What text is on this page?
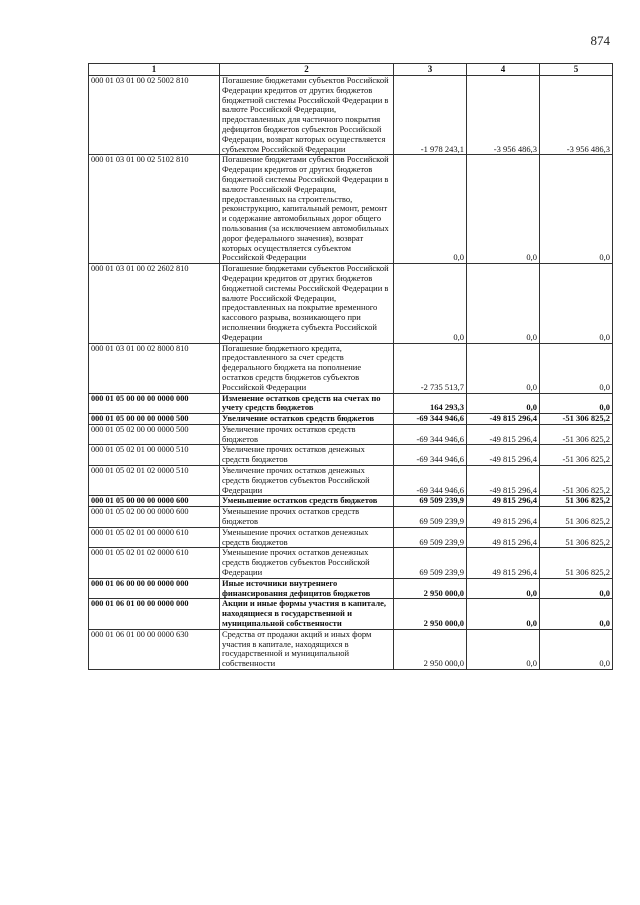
874
1	2	3	4	5
000 01 03 01 00 02 5002 810	Погашение бюджетами субъектов Российской Федерации кредитов от других бюджетов бюджетной системы Российской Федерации в валюте Российской Федерации, предоставленных для частичного покрытия дефицитов бюджетов субъектов Российской Федерации, возврат которых осуществляется субъектом Российской Федерации	-1 978 243,1	-3 956 486,3	-3 956 486,3
000 01 03 01 00 02 5102 810	Погашение бюджетами субъектов Российской Федерации кредитов от других бюджетов бюджетной системы Российской Федерации в валюте Российской Федерации, предоставленных на строительство, реконструкцию, капитальный ремонт, ремонт и содержание автомобильных дорог общего пользования (за исключением автомобильных дорог федерального значения), возврат которых осуществляется субъектом Российской Федерации	0,0	0,0	0,0
000 01 03 01 00 02 2602 810	Погашение бюджетами субъектов Российской Федерации кредитов от других бюджетов бюджетной системы Российской Федерации в валюте Российской Федерации, предоставленных на покрытие временного кассового разрыва, возникающего при исполнении бюджета субъекта Российской Федерации	0,0	0,0	0,0
000 01 03 01 00 02 8000 810	Погашение бюджетного кредита, предоставленного за счет средств федерального бюджета на пополнение остатков средств бюджетов субъектов Российской Федерации	-2 735 513,7	0,0	0,0
000 01 05 00 00 00 0000 000	Изменение остатков средств на счетах по учету средств бюджетов	164 293,3	0,0	0,0
000 01 05 00 00 00 0000 500	Увеличение остатков средств бюджетов	-69 344 946,6	-49 815 296,4	-51 306 825,2
000 01 05 02 00 00 0000 500	Увеличение прочих остатков средств бюджетов	-69 344 946,6	-49 815 296,4	-51 306 825,2
000 01 05 02 01 00 0000 510	Увеличение прочих остатков денежных средств бюджетов	-69 344 946,6	-49 815 296,4	-51 306 825,2
000 01 05 02 01 02 0000 510	Увеличение прочих остатков денежных средств бюджетов субъектов Российской Федерации	-69 344 946,6	-49 815 296,4	-51 306 825,2
000 01 05 00 00 00 0000 600	Уменьшение остатков средств бюджетов	69 509 239,9	49 815 296,4	51 306 825,2
000 01 05 02 00 00 0000 600	Уменьшение прочих остатков средств бюджетов	69 509 239,9	49 815 296,4	51 306 825,2
000 01 05 02 01 00 0000 610	Уменьшение прочих остатков денежных средств бюджетов	69 509 239,9	49 815 296,4	51 306 825,2
000 01 05 02 01 02 0000 610	Уменьшение прочих остатков денежных средств бюджетов субъектов Российской Федерации	69 509 239,9	49 815 296,4	51 306 825,2
000 01 06 00 00 00 0000 000	Иные источники внутреннего финансирования дефицитов бюджетов	2 950 000,0	0,0	0,0
000 01 06 01 00 00 0000 000	Акции и иные формы участия в капитале, находящиеся в государственной и муниципальной собственности	2 950 000,0	0,0	0,0
000 01 06 01 00 00 0000 630	Средства от продажи акций и иных форм участия в капитале, находящихся в государственной и муниципальной собственности	2 950 000,0	0,0	0,0
